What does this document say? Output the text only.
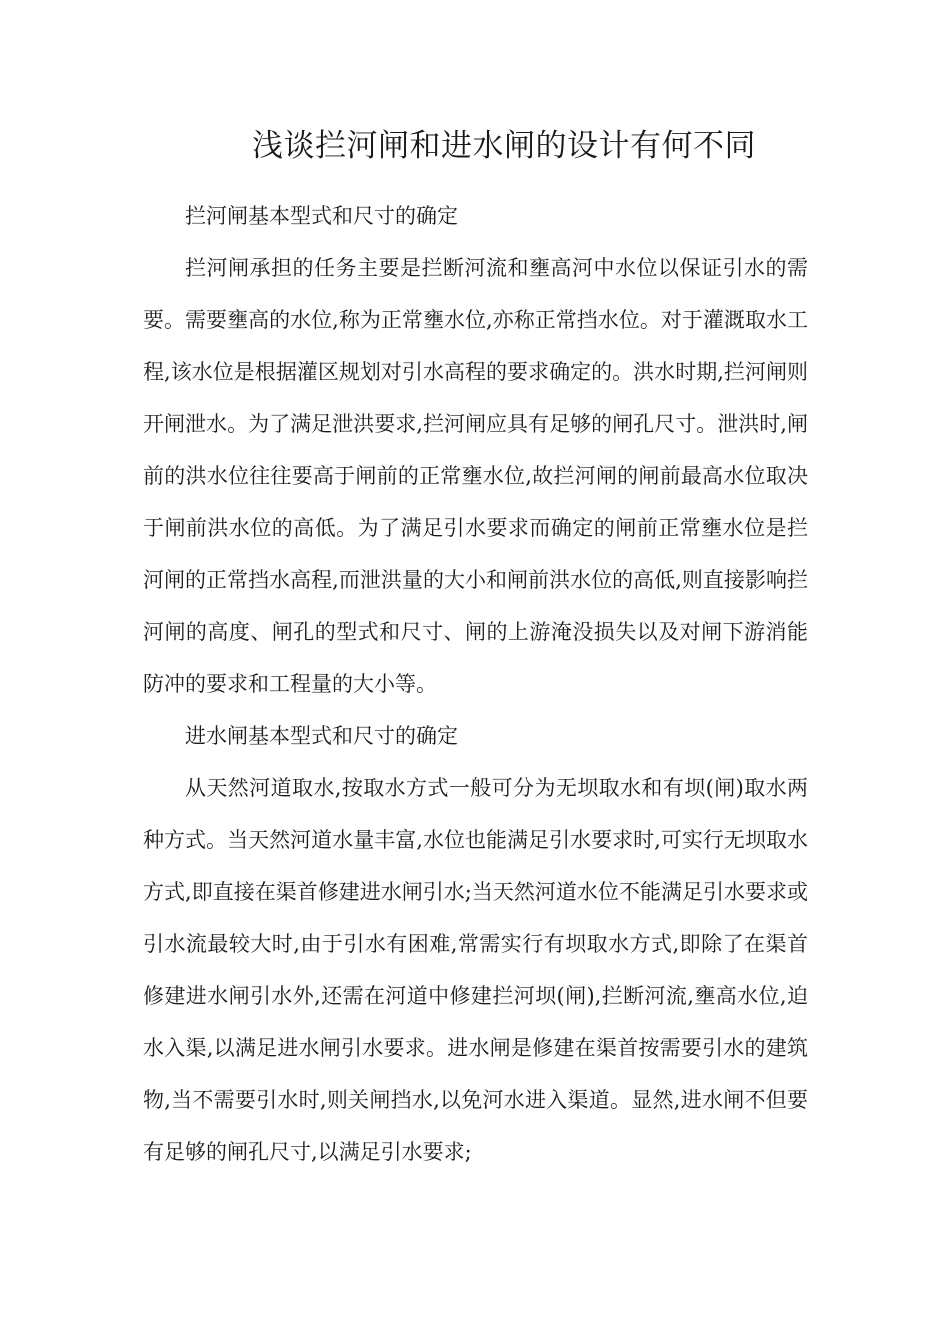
浅谈拦河闸和进水闸的设计有何不同

拦河闸基本型式和尺寸的确定

拦河闸承担的任务主要是拦断河流和壅高河中水位以保证引水的需要。需要壅高的水位,称为正常壅水位,亦称正常挡水位。对于灌溉取水工程,该水位是根据灌区规划对引水高程的要求确定的。洪水时期,拦河闸则开闸泄水。为了满足泄洪要求,拦河闸应具有足够的闸孔尺寸。泄洪时,闸前的洪水位往往要高于闸前的正常壅水位,故拦河闸的闸前最高水位取决于闸前洪水位的高低。为了满足引水要求而确定的闸前正常壅水位是拦河闸的正常挡水高程,而泄洪量的大小和闸前洪水位的高低,则直接影响拦河闸的高度、闸孔的型式和尺寸、闸的上游淹没损失以及对闸下游消能防冲的要求和工程量的大小等。

进水闸基本型式和尺寸的确定

从天然河道取水,按取水方式一般可分为无坝取水和有坝(闸)取水两种方式。当天然河道水量丰富,水位也能满足引水要求时,可实行无坝取水方式,即直接在渠首修建进水闸引水;当天然河道水位不能满足引水要求或引水流最较大时,由于引水有困难,常需实行有坝取水方式,即除了在渠首修建进水闸引水外,还需在河道中修建拦河坝(闸),拦断河流,壅高水位,迫水入渠,以满足进水闸引水要求。进水闸是修建在渠首按需要引水的建筑物,当不需要引水时,则关闸挡水,以免河水进入渠道。显然,进水闸不但要有足够的闸孔尺寸,以满足引水要求;
